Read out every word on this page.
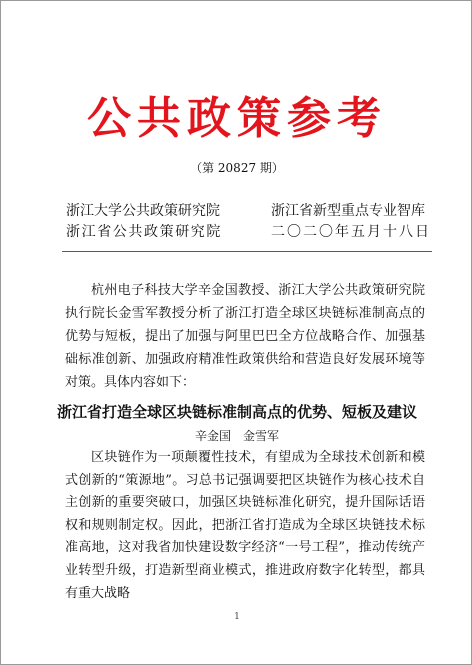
公共政策参考
（第 20827 期）
浙江大学公共政策研究院
浙江省公共政策研究院
浙江省新型重点专业智库
二〇二〇年五月十八日

杭州电子科技大学辛金国教授、浙江大学公共政策研究院执行院长金雪军教授分析了浙江打造全球区块链标准制高点的优势与短板，提出了加强与阿里巴巴全方位战略合作、加强基础标准创新、加强政府精准性政策供给和营造良好发展环境等对策。具体内容如下：

浙江省打造全球区块链标准制高点的优势、短板及建议
辛金国　金雪军

区块链作为一项颠覆性技术，有望成为全球技术创新和模式创新的“策源地”。习总书记强调要把区块链作为核心技术自主创新的重要突破口，加强区块链标准化研究，提升国际话语权和规则制定权。因此，把浙江省打造成为全球区块链技术标准高地，这对我省加快建设数字经济“一号工程”，推动传统产业转型升级，打造新型商业模式，推进政府数字化转型，都具有重大战略

1
